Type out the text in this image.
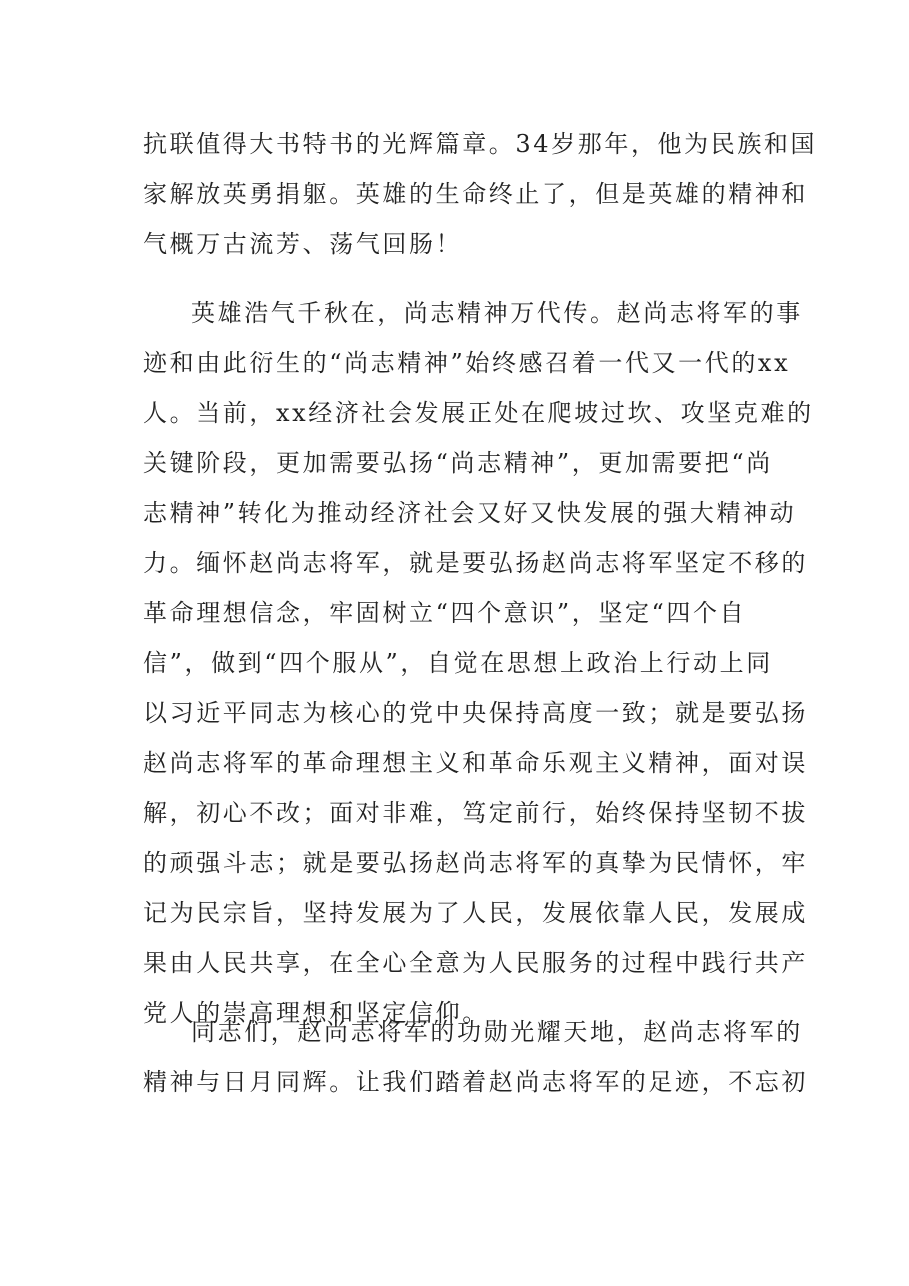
抗联值得大书特书的光辉篇章。34岁那年，他为民族和国
家解放英勇捐躯。英雄的生命终止了，但是英雄的精神和
气概万古流芳、荡气回肠！
英雄浩气千秋在，尚志精神万代传。赵尚志将军的事
迹和由此衍生的“尚志精神”始终感召着一代又一代的xx
人。当前，xx经济社会发展正处在爬坡过坎、攻坚克难的
关键阶段，更加需要弘扬“尚志精神”，更加需要把“尚
志精神”转化为推动经济社会又好又快发展的强大精神动
力。缅怀赵尚志将军，就是要弘扬赵尚志将军坚定不移的
革命理想信念，牢固树立“四个意识”，坚定“四个自
信”，做到“四个服从”，自觉在思想上政治上行动上同
以习近平同志为核心的党中央保持高度一致；就是要弘扬
赵尚志将军的革命理想主义和革命乐观主义精神，面对误
解，初心不改；面对非难，笃定前行，始终保持坚韧不拔
的顽强斗志；就是要弘扬赵尚志将军的真挚为民情怀，牢
记为民宗旨，坚持发展为了人民，发展依靠人民，发展成
果由人民共享，在全心全意为人民服务的过程中践行共产
党人的崇高理想和坚定信仰。
同志们，赵尚志将军的功勋光耀天地，赵尚志将军的
精神与日月同辉。让我们踏着赵尚志将军的足迹，不忘初
